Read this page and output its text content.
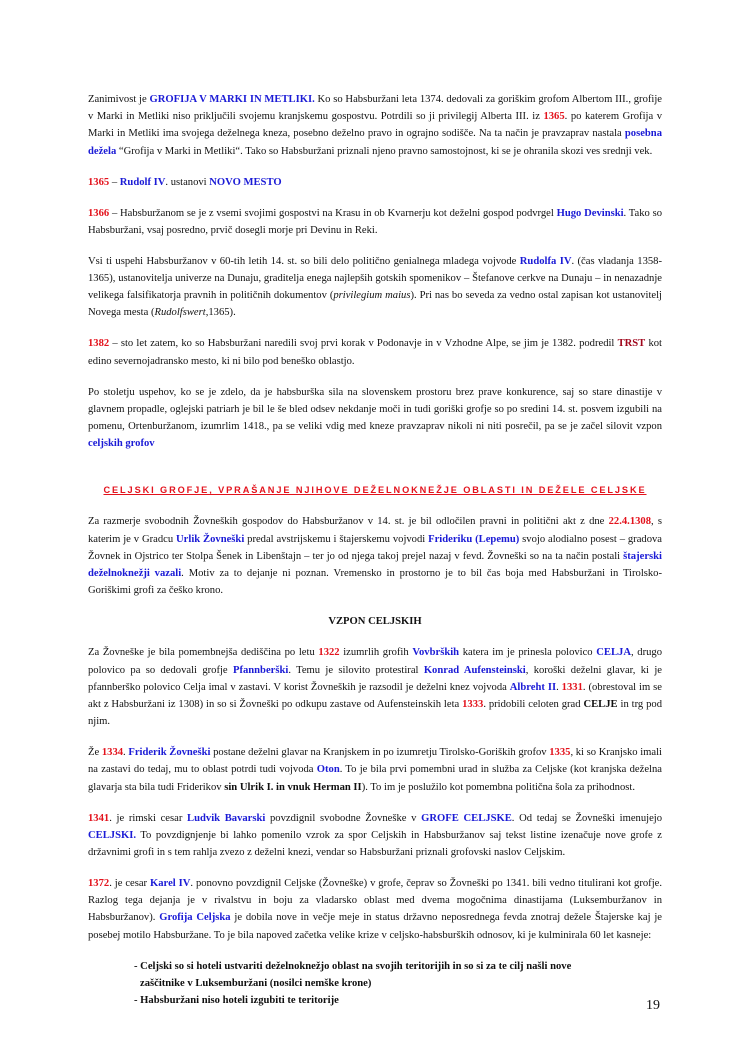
Zanimivost je GROFIJA V MARKI IN METLIKI. Ko so Habsburžani leta 1374. dedovali za goriškim grofom Albertom III., grofije v Marki in Metliki niso priključili svojemu kranjskemu gospostvu. Potrdili so ji privilegij Alberta III. iz 1365. po katerem Grofija v Marki in Metliki ima svojega deželnega kneza, posebno deželno pravo in ograjno sodišče. Na ta način je pravzaprav nastala posebna dežela “Grofija v Marki in Metliki“. Tako so Habsburžani priznali njeno pravno samostojnost, ki se je ohranila skozi ves srednji vek.

1365 – Rudolf IV. ustanovi NOVO MESTO

1366 – Habsburžanom se je z vsemi svojimi gospostvi na Krasu in ob Kvarnerju kot deželni gospod podvrgel Hugo Devinski. Tako so Habsburžani, vsaj posredno, prvič dosegli morje pri Devinu in Reki.

Vsi ti uspehi Habsburžanov v 60-tih letih 14. st. so bili delo politično genialnega mladega vojvode Rudolfa IV. (čas vladanja 1358-1365), ustanovitelja univerze na Dunaju, graditelja enega najlepših gotskih spomenikov – Štefanove cerkve na Dunaju – in nenazadnje velikega falsifikatorja pravnih in političnih dokumentov (privilegium maius). Pri nas bo seveda za vedno ostal zapisan kot ustanovitelj Novega mesta (Rudolfswert,1365).

1382 – sto let zatem, ko so Habsburžani naredili svoj prvi korak v Podonavje in v Vzhodne Alpe, se jim je 1382. podredil TRST kot edino severnojadransko mesto, ki ni bilo pod beneško oblastjo.

Po stoletju uspehov, ko se je zdelo, da je habsburška sila na slovenskem prostoru brez prave konkurence, saj so stare dinastije v glavnem propadle, oglejski patriarh je bil le še bled odsev nekdanje moči in tudi goriški grofje so po sredini 14. st. posvem izgubili na pomenu, Ortenburžanom, izumrlim 1418., pa se veliki vdig med kneze pravzaprav nikoli ni niti posrečil, pa se je začel silovit vzpon celjskih grofov

CELJSKI GROFJE, VPRAŠANJE NJIHOVE DEŽELNOKNEŽJE OBLASTI IN DEŽELE CELJSKE

Za razmerje svobodnih Žovneških gospodov do Habsburžanov v 14. st. je bil odločilen pravni in politični akt z dne 22.4.1308, s katerim je v Gradcu Urlik Žovneški predal avstrijskemu i štajerskemu vojvodi Frideriku (Lepemu) svojo alodialno posest – gradova Žovnek in Ojstrico ter Stolpa Šenek in Libenštajn – ter jo od njega takoj prejel nazaj v fevd. Žovneški so na ta način postali štajerski deželnoknežji vazali. Motiv za to dejanje ni poznan. Vremensko in prostorno je to bil čas boja med Habsburžani in Tirolsko-Goriškimi grofi za češko krono.

VZPON CELJSKIH

Za Žovneške je bila pomembnejša dediščina po letu 1322 izumrlih grofih Vovbrških katera im je prinesla polovico CELJA, drugo polovico pa so dedovali grofje Pfannberški. Temu je silovito protestiral Konrad Aufensteinski, koroški deželni glavar, ki je pfannberško polovico Celja imal v zastavi. V korist Žovneških je razsodil je deželni knez vojvoda Albreht II. 1331. (obrestoval im se akt z Habsburžani iz 1308) in so si Žovneški po odkupu zastave od Aufensteinskih leta 1333. pridobili celoten grad CELJE in trg pod njim.

Že 1334. Friderik Žovneški postane deželni glavar na Kranjskem in po izumretju Tirolsko-Goriških grofov 1335, ki so Kranjsko imali na zastavi do tedaj, mu to oblast potrdi tudi vojvoda Oton. To je bila prvi pomembni urad in služba za Celjske (kot kranjska deželna glavarja sta bila tudi Friderikov sin Ulrik I. in vnuk Herman II). To im je poslužilo kot pomembna politična šola za prihodnost.

1341. je rimski cesar Ludvik Bavarski povzdignil svobodne Žovneške v GROFE CELJSKE. Od tedaj se Žovneški imenujejo CELJSKI. To povzdignjenje bi lahko pomenilo vzrok za spor Celjskih in Habsburžanov saj tekst listine izenačuje nove grofe z državnimi grofi in s tem rahlja zvezo z deželni knezi, vendar so Habsburžani priznali grofovski naslov Celjskim.

1372. je cesar Karel IV. ponovno povzdignil Celjske (Žovneške) v grofe, čeprav so Žovneški po 1341. bili vedno titulirani kot grofje. Razlog tega dejanja je v rivalstvu in boju za vladarsko oblast med dvema mogočnima dinastijama (Luksemburžanov in Habsburžanov). Grofija Celjska je dobila nove in večje meje in status državno neposrednega fevda znotraj dežele Štajerske kaj je posebej motilo Habsburžane. To je bila napoved začetka velike krize v celjsko-habsburških odnosov, ki je kulminirala 60 let kasneje:

- Celjski so si hoteli ustvariti deželnoknežjo oblast na svojih teritorijih in so si za te cilj našli nove
zaščitnike v Luksemburžani (nosilci nemške krone)
- Habsburžani niso hoteli izgubiti te teritorije	19
